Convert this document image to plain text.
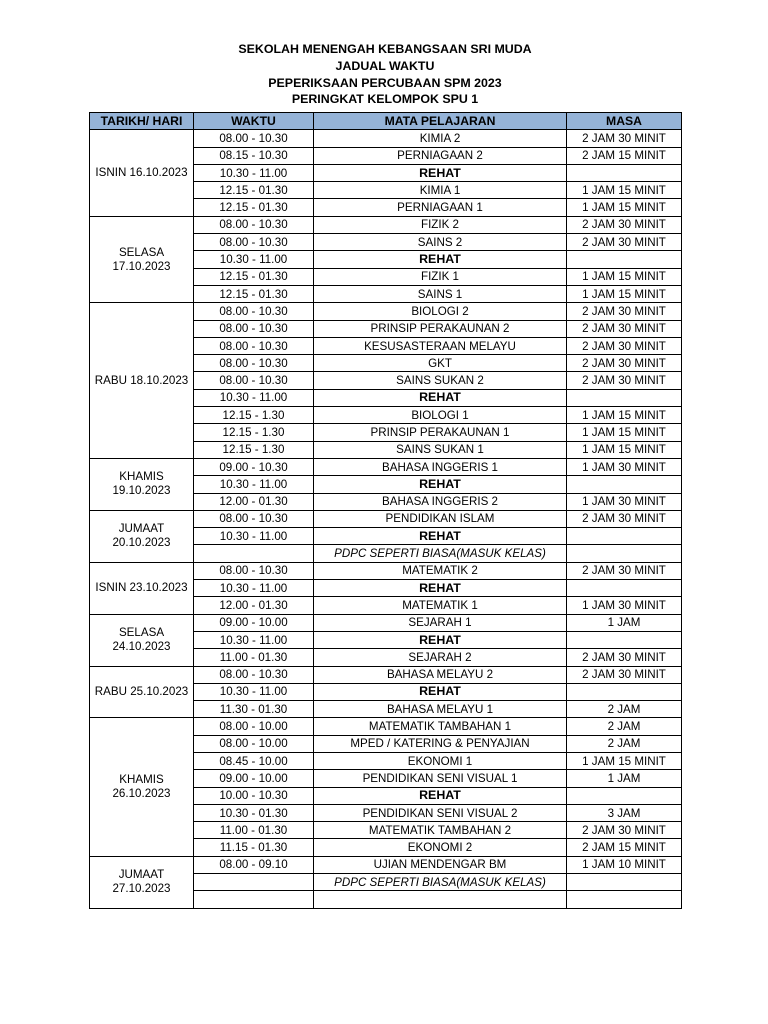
SEKOLAH MENENGAH KEBANGSAAN SRI MUDA
JADUAL WAKTU
PEPERIKSAAN PERCUBAAN SPM 2023
PERINGKAT KELOMPOK SPU 1
TARIKH/ HARI	WAKTU	MATA PELAJARAN	MASA
ISNIN 16.10.2023	08.00 - 10.30	KIMIA 2	2 JAM 30 MINIT
	08.15 - 10.30	PERNIAGAAN 2	2 JAM 15 MINIT
	10.30 - 11.00	REHAT	
	12.15 - 01.30	KIMIA 1	1 JAM 15 MINIT
	12.15 - 01.30	PERNIAGAAN 1	1 JAM 15 MINIT
SELASA 17.10.2023	08.00 - 10.30	FIZIK 2	2 JAM 30 MINIT
	08.00 - 10.30	SAINS 2	2 JAM 30 MINIT
	10.30 - 11.00	REHAT	
	12.15 - 01.30	FIZIK 1	1 JAM 15 MINIT
	12.15 - 01.30	SAINS 1	1 JAM 15 MINIT
RABU 18.10.2023	08.00 - 10.30	BIOLOGI 2	2 JAM 30 MINIT
	08.00 - 10.30	PRINSIP PERAKAUNAN 2	2 JAM 30 MINIT
	08.00 - 10.30	KESUSASTERAAN MELAYU	2 JAM 30 MINIT
	08.00 - 10.30	GKT	2 JAM 30 MINIT
	08.00 - 10.30	SAINS SUKAN 2	2 JAM 30 MINIT
	10.30 - 11.00	REHAT	
	12.15 - 1.30	BIOLOGI 1	1 JAM 15 MINIT
	12.15 - 1.30	PRINSIP PERAKAUNAN 1	1 JAM 15 MINIT
	12.15 - 1.30	SAINS SUKAN 1	1 JAM 15 MINIT
KHAMIS 19.10.2023	09.00 - 10.30	BAHASA INGGERIS 1	1 JAM 30 MINIT
	10.30 - 11.00	REHAT	
	12.00 - 01.30	BAHASA INGGERIS 2	1 JAM 30 MINIT
JUMAAT 20.10.2023	08.00 - 10.30	PENDIDIKAN ISLAM	2 JAM 30 MINIT
	10.30 - 11.00	REHAT	
		PDPC SEPERTI BIASA(MASUK KELAS)	
ISNIN 23.10.2023	08.00 - 10.30	MATEMATIK 2	2 JAM 30 MINIT
	10.30 - 11.00	REHAT	
	12.00 - 01.30	MATEMATIK 1	1 JAM 30 MINIT
SELASA 24.10.2023	09.00 - 10.00	SEJARAH 1	1 JAM
	10.30 - 11.00	REHAT	
	11.00 - 01.30	SEJARAH 2	2 JAM 30 MINIT
RABU 25.10.2023	08.00 - 10.30	BAHASA MELAYU 2	2 JAM 30 MINIT
	10.30 - 11.00	REHAT	
	11.30 - 01.30	BAHASA MELAYU 1	2 JAM
KHAMIS 26.10.2023	08.00 - 10.00	MATEMATIK TAMBAHAN 1	2 JAM
	08.00 - 10.00	MPED / KATERING & PENYAJIAN	2 JAM
	08.45 - 10.00	EKONOMI 1	1 JAM 15 MINIT
	09.00 - 10.00	PENDIDIKAN SENI VISUAL 1	1 JAM
	10.00 - 10.30	REHAT	
	10.30 - 01.30	PENDIDIKAN SENI VISUAL 2	3 JAM
	11.00 - 01.30	MATEMATIK TAMBAHAN 2	2 JAM 30 MINIT
	11.15 - 01.30	EKONOMI 2	2 JAM 15 MINIT
JUMAAT 27.10.2023	08.00 - 09.10	UJIAN MENDENGAR BM	1 JAM 10 MINIT
		PDPC SEPERTI BIASA(MASUK KELAS)	
